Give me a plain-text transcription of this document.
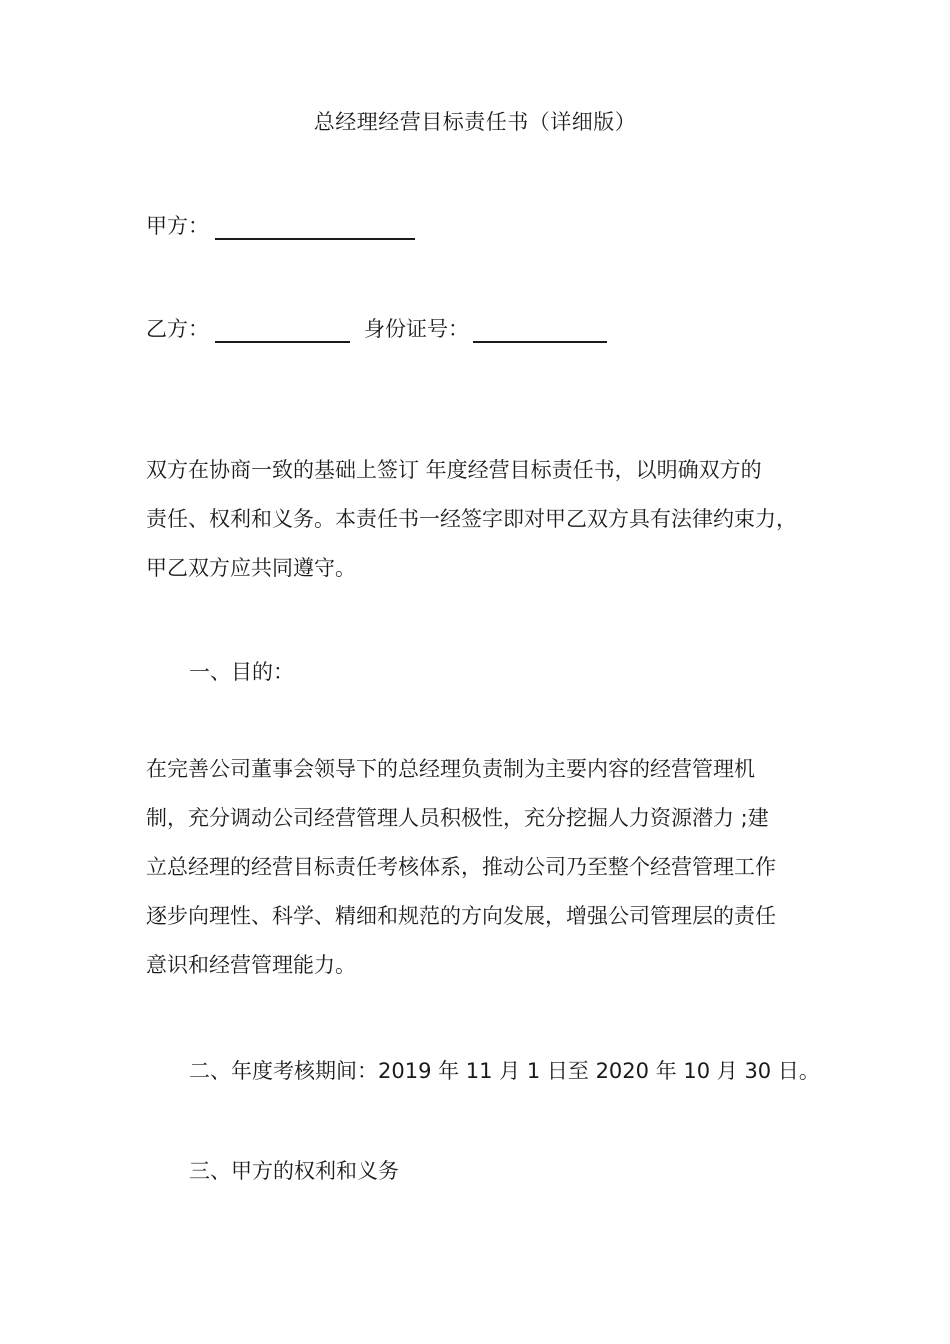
总经理经营目标责任书（详细版）
甲方：
乙方：	身份证号：

双方在协商一致的基础上签订 年度经营目标责任书，以明确双方的

责任、权利和义务。本责任书一经签字即对甲乙双方具有法律约束力，

甲乙双方应共同遵守。

一、目的：

在完善公司董事会领导下的总经理负责制为主要内容的经营管理机

制，充分调动公司经营管理人员积极性，充分挖掘人力资源潜力 ;建

立总经理的经营目标责任考核体系，推动公司乃至整个经营管理工作

逐步向理性、科学、精细和规范的方向发展，增强公司管理层的责任

意识和经营管理能力。

二、年度考核期间：2019 年 11 月 1 日至 2020 年 10 月 30 日。
三、甲方的权利和义务
